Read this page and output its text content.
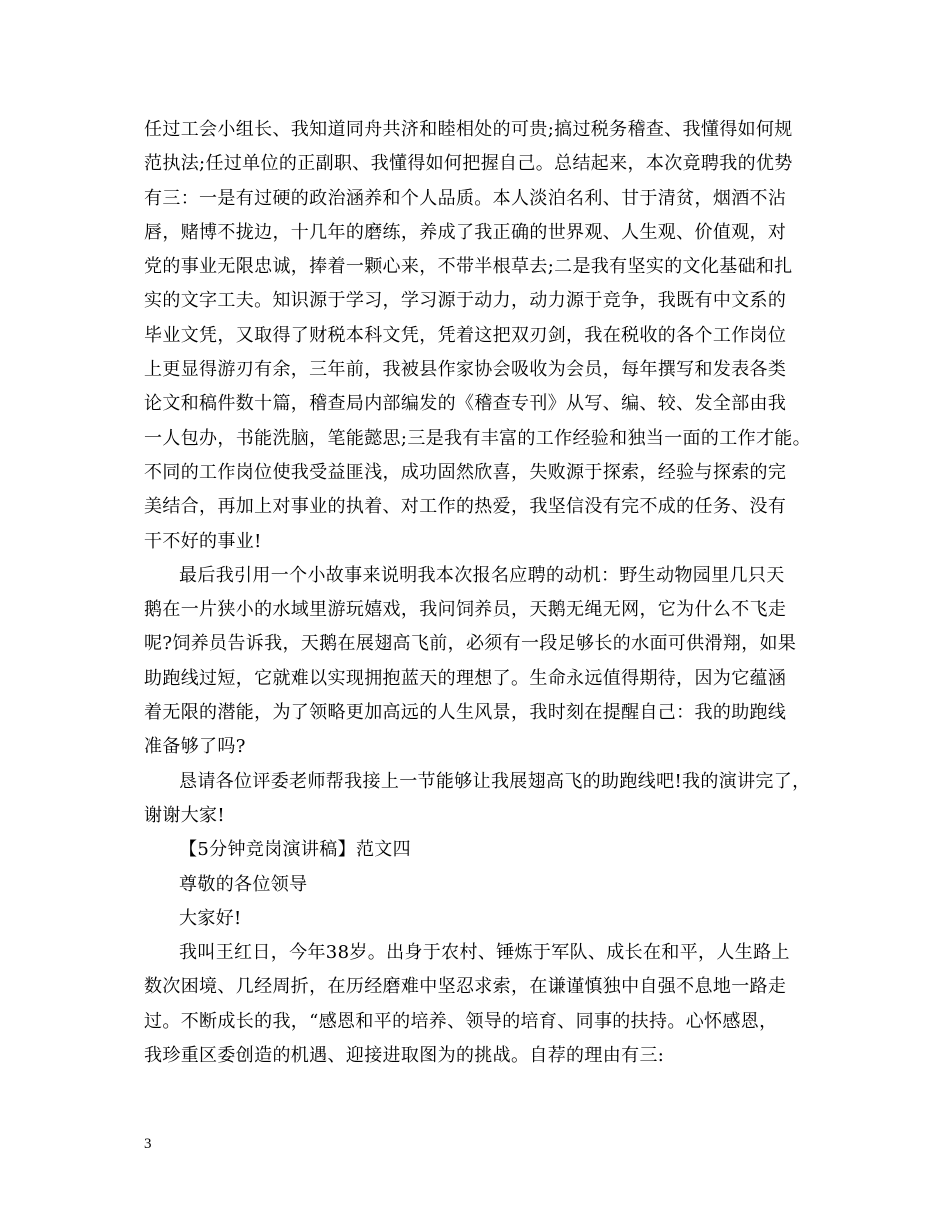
任过工会小组长、我知道同舟共济和睦相处的可贵;搞过税务稽查、我懂得如何规
范执法;任过单位的正副职、我懂得如何把握自己。总结起来，本次竟聘我的优势
有三：一是有过硬的政治涵养和个人品质。本人淡泊名利、甘于清贫，烟酒不沾
唇，赌博不拢边，十几年的磨练，养成了我正确的世界观、人生观、价值观，对
党的事业无限忠诚，捧着一颗心来，不带半根草去;二是我有坚实的文化基础和扎
实的文字工夫。知识源于学习，学习源于动力，动力源于竞争，我既有中文系的
毕业文凭，又取得了财税本科文凭，凭着这把双刃剑，我在税收的各个工作岗位
上更显得游刃有余，三年前，我被县作家协会吸收为会员，每年撰写和发表各类
论文和稿件数十篇，稽查局内部编发的《稽查专刊》从写、编、较、发全部由我
一人包办，书能洗脑，笔能懿思;三是我有丰富的工作经验和独当一面的工作才能。
不同的工作岗位使我受益匪浅，成功固然欣喜，失败源于探索，经验与探索的完
美结合，再加上对事业的执着、对工作的热爱，我坚信没有完不成的任务、没有
干不好的事业!
最后我引用一个小故事来说明我本次报名应聘的动机：野生动物园里几只天
鹅在一片狭小的水域里游玩嬉戏，我问饲养员，天鹅无绳无网，它为什么不飞走
呢?饲养员告诉我，天鹅在展翅高飞前，必须有一段足够长的水面可供滑翔，如果
助跑线过短，它就难以实现拥抱蓝天的理想了。生命永远值得期待，因为它蕴涵
着无限的潜能，为了领略更加高远的人生风景，我时刻在提醒自己：我的助跑线
准备够了吗?
恳请各位评委老师帮我接上一节能够让我展翅高飞的助跑线吧!我的演讲完了，
谢谢大家!
【5分钟竞岗演讲稿】范文四
尊敬的各位领导
大家好!
我叫王红日，今年38岁。出身于农村、锤炼于军队、成长在和平，人生路上
数次困境、几经周折，在历经磨难中坚忍求索，在谦谨慎独中自强不息地一路走
过。不断成长的我，“感恩和平的培养、领导的培育、同事的扶持。心怀感恩，
我珍重区委创造的机遇、迎接进取图为的挑战。自荐的理由有三:
3
